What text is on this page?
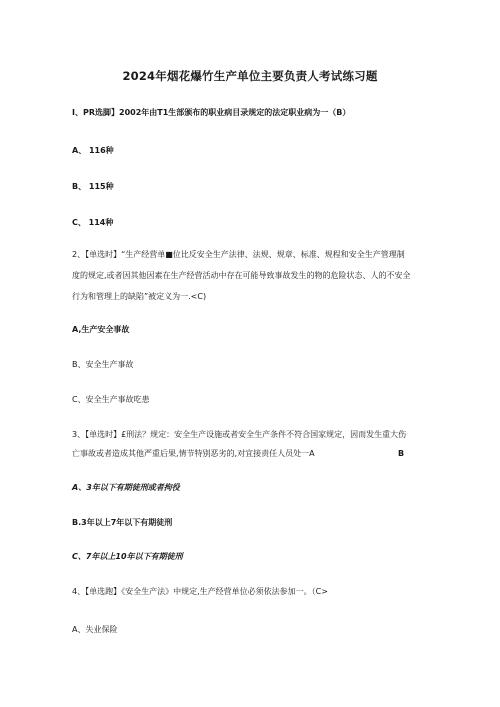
2024年烟花爆竹生产单位主要负责人考试练习题
I、PR选脚】2002年由T1生部颁布的职业病目录规定的法定职业病为一（B）
A、 116种
B、 115种
C、 114种
2、【单选时】“生产经营单■位比反安全生产法律、法规、规章、标准、规程和安全生产管理制
度的规定,或者因其他因素在生产经营活动中存在可能导致事故发生的物的危险状态、人的不安全
行为和管理上的缺陷”被定义为一.<C)
A,生产安全事故
B、安全生产事故
C、安全生产事故吃患
3、【单选时】£刑法？规定：安全生产设施或者安全生产条件不符合国家规定，因而发生重大伤
亡事故或者造成其他严重后果,情节特别恶劣的,对宜接责任人员处一A	B
A、3年以下有期徒刑或者拘役
B.3年以上7年以下有期徒刑
C、7年以上10年以下有期徒刑
4、【单选跑】《安全生产法》中规定,生产经营单位必须依法参加一。（C>
A、失业保险
